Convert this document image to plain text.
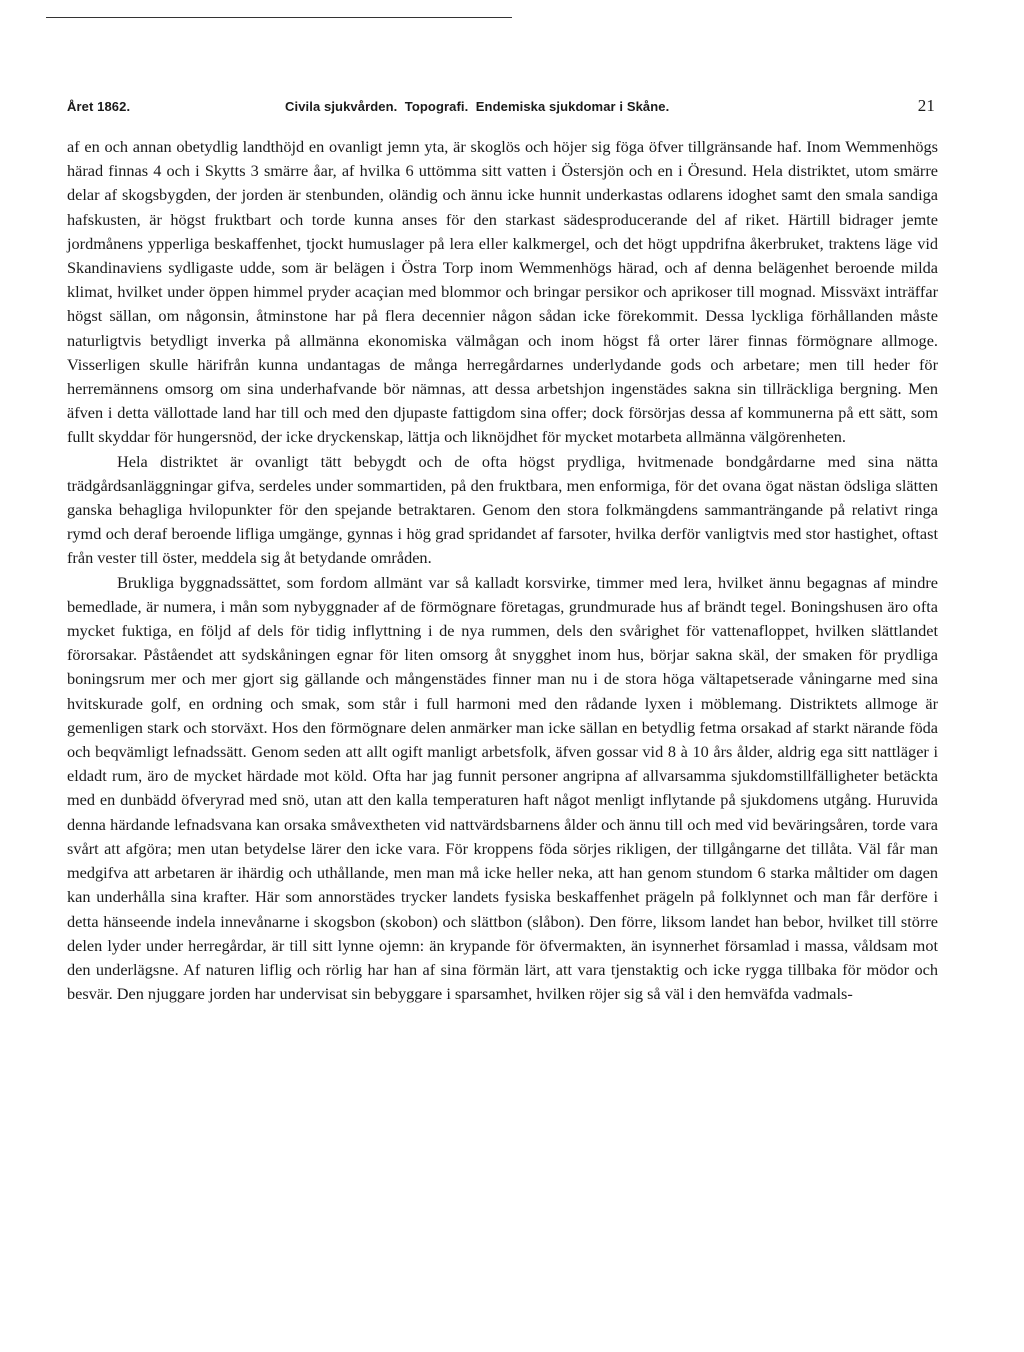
Året 1862.	Civila sjukvården.  Topografi.  Endemiska sjukdomar i Skåne.	21

af en och annan obetydlig landthöjd en ovanligt jemn yta, är skoglös och höjer sig föga öfver tillgränsande haf. Inom Wemmenhögs härad finnas 4 och i Skytts 3 smärre åar, af hvilka 6 uttömma sitt vatten i Östersjön och en i Öresund. Hela distriktet, utom smärre delar af skogsbygden, der jorden är stenbunden, oländig och ännu icke hunnit underkastas odlarens idoghet samt den smala sandiga hafskusten, är högst fruktbart och torde kunna anses för den starkast sädesproducerande del af riket. Härtill bidrager jemte jordmånens ypperliga beskaffenhet, tjockt humuslager på lera eller kalkmergel, och det högt uppdrifna åkerbruket, traktens läge vid Skandinaviens sydligaste udde, som är belägen i Östra Torp inom Wemmenhögs härad, och af denna belägenhet beroende milda klimat, hvilket under öppen himmel pryder acaçian med blommor och bringar persikor och aprikoser till mognad. Missväxt inträffar högst sällan, om någonsin, åtminstone har på flera decennier någon sådan icke förekommit. Dessa lyckliga förhållanden måste naturligtvis betydligt inverka på allmänna ekonomiska välmågan och inom högst få orter lärer finnas förmögnare allmoge. Visserligen skulle härifrån kunna undantagas de många herregårdarnes underlydande gods och arbetare; men till heder för herremännens omsorg om sina underhafvande bör nämnas, att dessa arbetshjon ingenstädes sakna sin tillräckliga bergning. Men äfven i detta vällottade land har till och med den djupaste fattigdom sina offer; dock försörjas dessa af kommunerna på ett sätt, som fullt skyddar för hungersnöd, der icke dryckenskap, lättja och liknöjdhet för mycket motarbeta allmänna välgörenheten.

Hela distriktet är ovanligt tätt bebygdt och de ofta högst prydliga, hvitmenade bondgårdarne med sina nätta trädgårdsanläggningar gifva, serdeles under sommartiden, på den fruktbara, men enformiga, för det ovana ögat nästan ödsliga slätten ganska behagliga hvilopunkter för den spejande betraktaren. Genom den stora folkmängdens sammanträngande på relativt ringa rymd och deraf beroende lifliga umgänge, gynnas i hög grad spridandet af farsoter, hvilka derför vanligtvis med stor hastighet, oftast från vester till öster, meddela sig åt betydande områden.

Brukliga byggnadssättet, som fordom allmänt var så kalladt korsvirke, timmer med lera, hvilket ännu begagnas af mindre bemedlade, är numera, i mån som nybyggnader af de förmögnare företagas, grundmurade hus af brändt tegel. Boningshusen äro ofta mycket fuktiga, en följd af dels för tidig inflyttning i de nya rummen, dels den svårighet för vattenafloppet, hvilken slättlandet förorsakar. Påståendet att sydskåningen egnar för liten omsorg åt snygghet inom hus, börjar sakna skäl, der smaken för prydliga boningsrum mer och mer gjort sig gällande och mångenstädes finner man nu i de stora höga vältapetserade våningarne med sina hvitskurade golf, en ordning och smak, som står i full harmoni med den rådande lyxen i möblemang. Distriktets allmoge är gemenligen stark och storväxt. Hos den förmögnare delen anmärker man icke sällan en betydlig fetma orsakad af starkt närande föda och beqvämligt lefnadssätt. Genom seden att allt ogift manligt arbetsfolk, äfven gossar vid 8 à 10 års ålder, aldrig ega sitt nattläger i eldadt rum, äro de mycket härdade mot köld. Ofta har jag funnit personer angripna af allvarsamma sjukdomstillfälligheter betäckta med en dunbädd öfveryrad med snö, utan att den kalla temperaturen haft något menligt inflytande på sjukdomens utgång. Huruvida denna härdande lefnadsvana kan orsaka småvextheten vid nattvärdsbarnens ålder och ännu till och med vid beväringsåren, torde vara svårt att afgöra; men utan betydelse lärer den icke vara. För kroppens föda sörjes rikligen, der tillgångarne det tillåta. Väl får man medgifva att arbetaren är ihärdig och uthållande, men man må icke heller neka, att han genom stundom 6 starka måltider om dagen kan underhålla sina krafter. Här som annorstädes trycker landets fysiska beskaffenhet prägeln på folklynnet och man får derföre i detta hänseende indela innevånarne i skogsbon (skobon) och slättbon (slåbon). Den förre, liksom landet han bebor, hvilket till större delen lyder under herregårdar, är till sitt lynne ojemn: än krypande för öfvermakten, än isynnerhet församlad i massa, våldsam mot den underlägsne. Af naturen liflig och rörlig har han af sina förmän lärt, att vara tjenstaktig och icke rygga tillbaka för mödor och besvär. Den njuggare jorden har undervisat sin bebyggare i sparsamhet, hvilken röjer sig så väl i den hemväfda vadmals-
